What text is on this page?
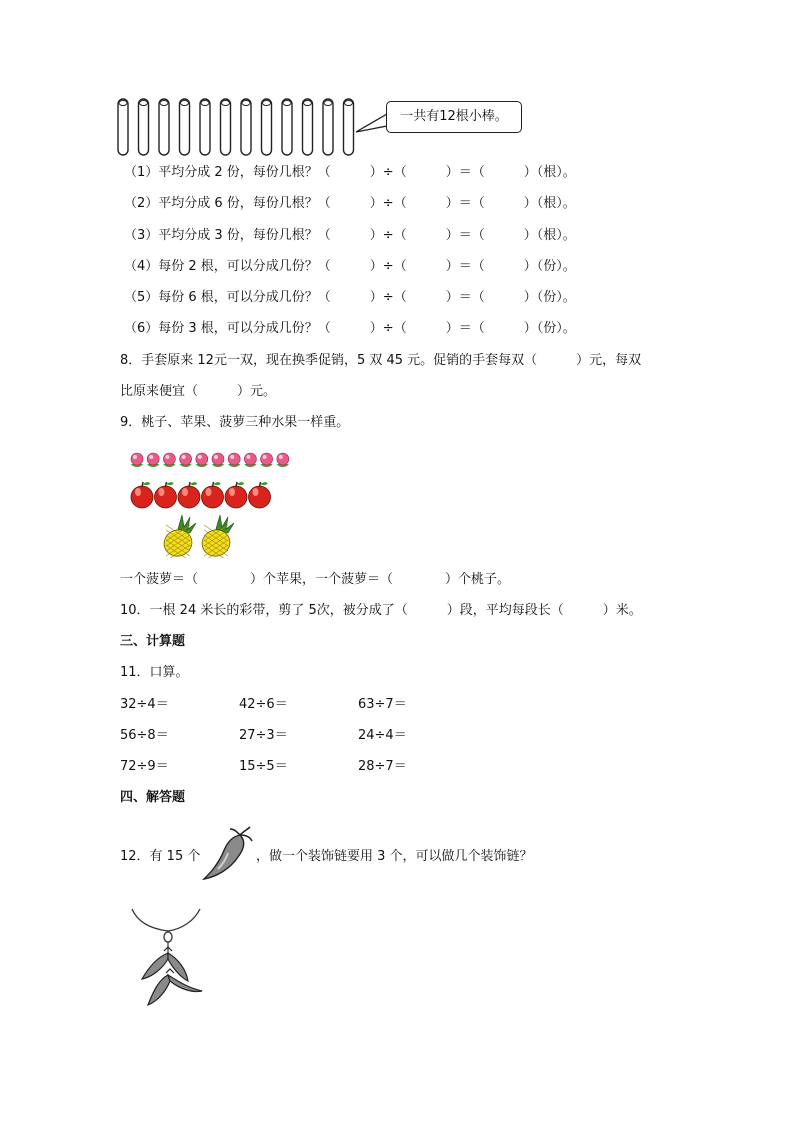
一共有12根小棒。
（1）平均分成 2 份，每份几根？（　　　）÷（　　　）＝（　　　）（根）。
（2）平均分成 6 份，每份几根？（　　　）÷（　　　）＝（　　　）（根）。
（3）平均分成 3 份，每份几根？（　　　）÷（　　　）＝（　　　）（根）。
（4）每份 2 根，可以分成几份？（　　　）÷（　　　）＝（　　　）（份）。
（5）每份 6 根，可以分成几份？（　　　）÷（　　　）＝（　　　）（份）。
（6）每份 3 根，可以分成几份？（　　　）÷（　　　）＝（　　　）（份）。
8．手套原来 12元一双，现在换季促销，5 双 45 元。促销的手套每双（　　　）元，每双
比原来便宜（　　　）元。
9．桃子、苹果、菠萝三种水果一样重。
一个菠萝＝（　　　　）个苹果，一个菠萝＝（　　　　）个桃子。
10．一根 24 米长的彩带，剪了 5次，被分成了（　　　）段，平均每段长（　　　）米。
三、计算题
11．口算。
32÷4＝	42÷6＝	63÷7＝
56÷8＝	27÷3＝	24÷4＝
72÷9＝	15÷5＝	28÷7＝
四、解答题
12．有 15 个	，做一个装饰链要用 3 个，可以做几个装饰链？
